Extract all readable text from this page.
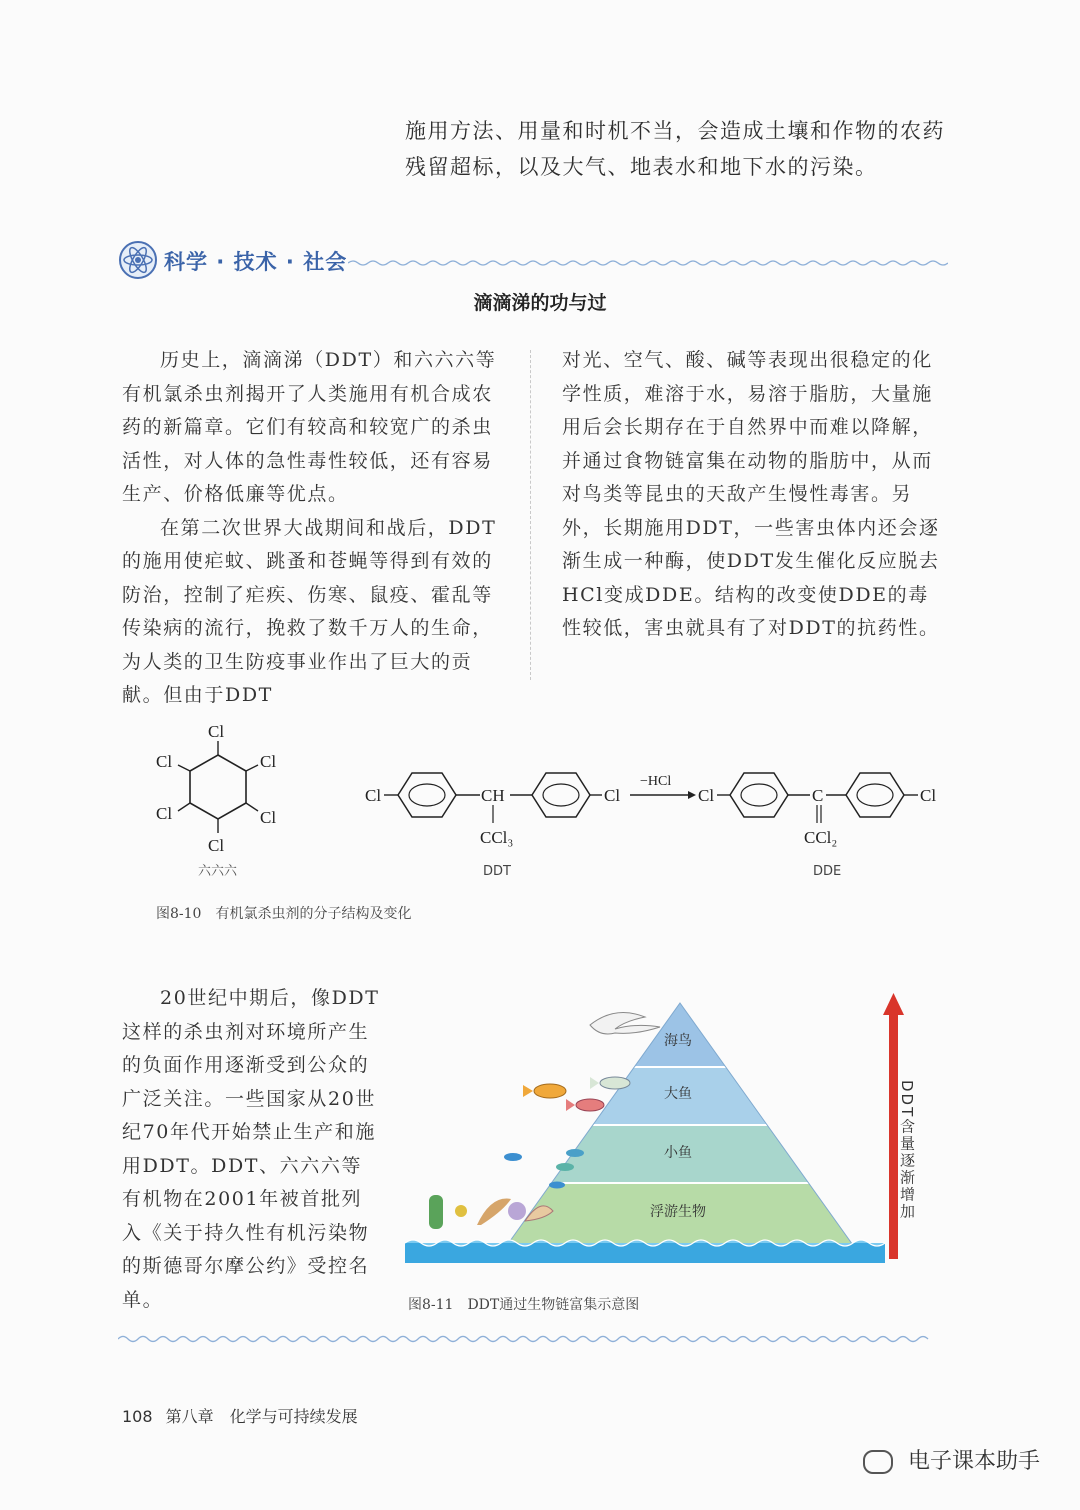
施用方法、用量和时机不当，会造成土壤和作物的农药残留超标，以及大气、地表水和地下水的污染。
科学 · 技术 · 社会
滴滴涕的功与过

历史上，滴滴涕（DDT）和六六六等有机氯杀虫剂揭开了人类施用有机合成农药的新篇章。它们有较高和较宽广的杀虫活性，对人体的急性毒性较低，还有容易生产、价格低廉等优点。

在第二次世界大战期间和战后，DDT的施用使疟蚊、跳蚤和苍蝇等得到有效的防治，控制了疟疾、伤寒、鼠疫、霍乱等传染病的流行，挽救了数千万人的生命，为人类的卫生防疫事业作出了巨大的贡献。但由于DDT

对光、空气、酸、碱等表现出很稳定的化学性质，难溶于水，易溶于脂肪，大量施用后会长期存在于自然界中而难以降解，并通过食物链富集在动物的脂肪中，从而对鸟类等昆虫的天敌产生慢性毒害。另外，长期施用DDT，一些害虫体内还会逐渐生成一种酶，使DDT发生催化反应脱去HCl变成DDE。结构的改变使DDE的毒性较低，害虫就具有了对DDT的抗药性。

Cl
Cl
Cl
Cl
Cl
Cl
六六六
Cl	CH
CCl₃
Cl
DDT
−HCl
Cl	C
CCl₂
Cl
DDE
图8-10　有机氯杀虫剂的分子结构及变化

20世纪中期后，像DDT这样的杀虫剂对环境所产生的负面作用逐渐受到公众的广泛关注。一些国家从20世纪70年代开始禁止生产和施用DDT。DDT、六六六等有机物在2001年被首批列入《关于持久性有机污染物的斯德哥尔摩公约》受控名单。

海鸟
大鱼
小鱼
浮游生物	DDT含量逐渐增加
图8-11　DDT通过生物链富集示意图
108 第八章　化学与可持续发展
电子课本助手
